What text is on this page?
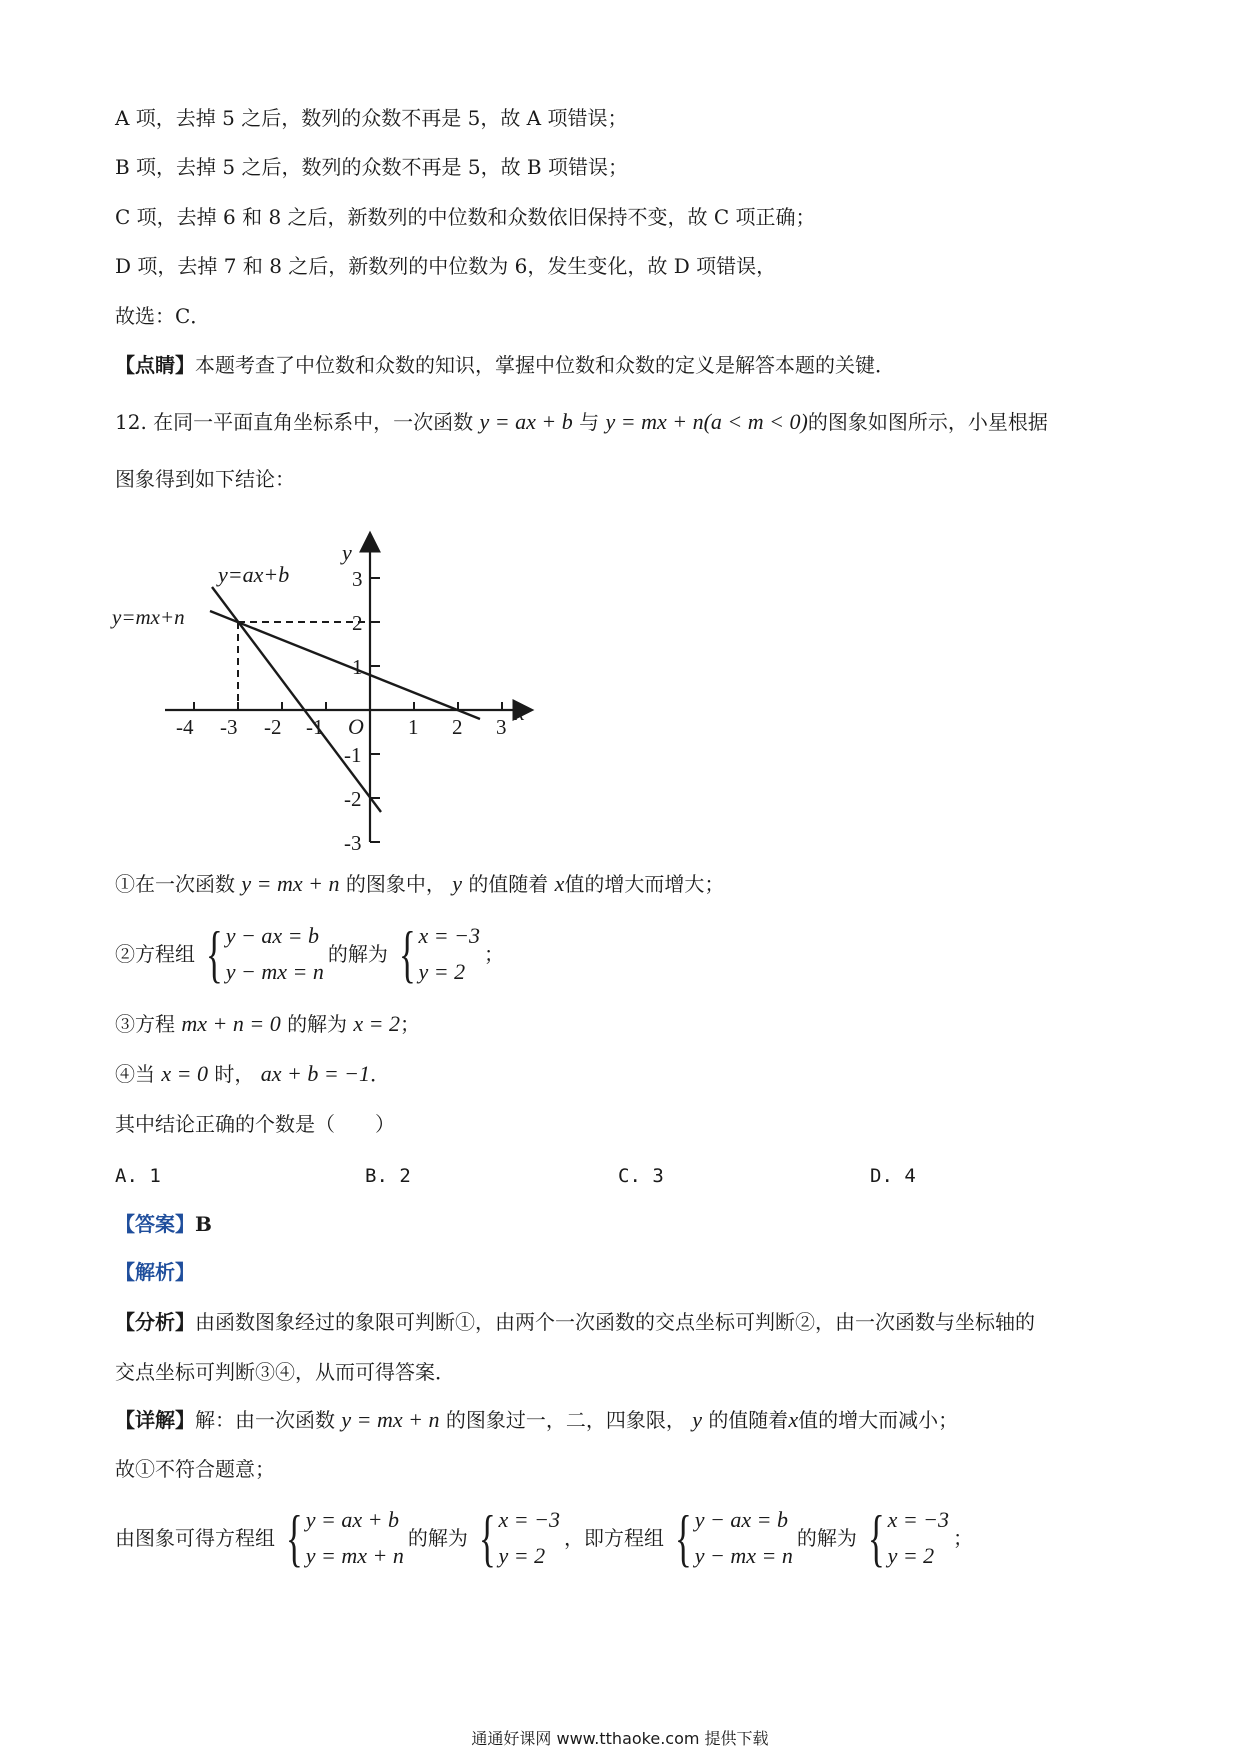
A 项，去掉 5 之后，数列的众数不再是 5，故 A 项错误；
B 项，去掉 5 之后，数列的众数不再是 5，故 B 项错误；
C 项，去掉 6 和 8 之后，新数列的中位数和众数依旧保持不变，故 C 项正确；
D 项，去掉 7 和 8 之后，新数列的中位数为 6，发生变化，故 D 项错误，
故选：C．
【点睛】本题考查了中位数和众数的知识，掌握中位数和众数的定义是解答本题的关键．
12. 在同一平面直角坐标系中，一次函数 y = ax + b 与 y = mx + n(a < m < 0)的图象如图所示，小星根据
图象得到如下结论：
y=ax+b
y=mx+n
x
y
O
-4 -3 -2 -1	1 2 3
3
2
1
-1
-2
-3
①在一次函数 y = mx + n 的图象中， y 的值随着 x值的增大而增大；
②方程组 { y − ax = b
y − mx = n
的解为 { x = −3
y = 2
；
③方程 mx + n = 0 的解为 x = 2；
④当 x = 0 时， ax + b = −1．
其中结论正确的个数是（　　）
A. 1	B. 2	C. 3	D. 4
【答案】B
【解析】
【分析】由函数图象经过的象限可判断①，由两个一次函数的交点坐标可判断②，由一次函数与坐标轴的
交点坐标可判断③④，从而可得答案．
【详解】解：由一次函数 y = mx + n 的图象过一，二，四象限， y 的值随着x值的增大而减小；
故①不符合题意；
由图象可得方程组 { y = ax + b
y = mx + n
的解为 { x = −3
y = 2
，即方程组 { y − ax = b
y − mx = n
的解为 { x = −3
y = 2
；
通通好课网 www.tthaoke.com 提供下载
